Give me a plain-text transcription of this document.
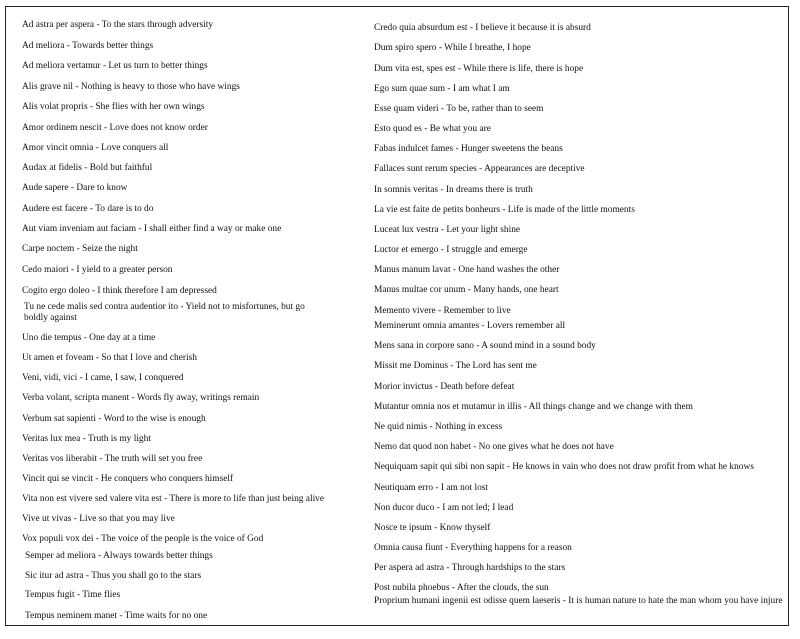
Ad astra per aspera - To the stars through adversity
Ad meliora - Towards better things
Ad meliora vertamur - Let us turn to better things
Alis grave nil - Nothing is heavy to those who have wings
Alis volat propris - She flies with her own wings
Amor ordinem nescit - Love does not know order
Amor vincit omnia - Love conquers all
Audax at fidelis - Bold but faithful
Aude sapere - Dare to know
Audere est facere - To dare is to do
Aut viam inveniam aut faciam - I shall either find a way or make one
Carpe noctem - Seize the night
Cedo maiori - I yield to a greater person
Cogito ergo doleo - I think therefore I am depressed
Tu ne cede malis sed contra audentior ito - Yield not to misfortunes, but go boldly against
Uno die tempus - One day at a time
Ut amen et foveam - So that I love and cherish
Veni, vidi, vici - I came, I saw, I conquered
Verba volant, scripta manent - Words fly away, writings remain
Verbum sat sapienti - Word to the wise is enough
Veritas lux mea - Truth is my light
Veritas vos liberabit - The truth will set you free
Vincit qui se vincit - He conquers who conquers himself
Vita non est vivere sed valere vita est - There is more to life than just being alive
Vive ut vivas - Live so that you may live
Vox populi vox dei - The voice of the people is the voice of God
Semper ad meliora - Always towards better things
Sic itur ad astra - Thus you shall go to the stars
Tempus fugit - Time flies
Tempus neminem manet - Time waits for no one
Credo quia absurdum est - I believe it because it is absurd
Dum spiro spero - While I breathe, I hope
Dum vita est, spes est - While there is life, there is hope
Ego sum quae sum - I am what I am
Esse quam videri - To be, rather than to seem
Esto quod es - Be what you are
Fabas indulcet fames - Hunger sweetens the beans
Fallaces sunt rerum species - Appearances are deceptive
In somnis veritas - In dreams there is truth
La vie est faite de petits bonheurs - Life is made of the little moments
Luceat lux vestra - Let your light shine
Luctor et emergo - I struggle and emerge
Manus manum lavat - One hand washes the other
Manus multae cor unum - Many hands, one heart
Memento vivere - Remember to live
Meminerunt omnia amantes - Lovers remember all
Mens sana in corpore sano - A sound mind in a sound body
Missit me Dominus - The Lord has sent me
Morior invictus - Death before defeat
Mutantur omnia nos et mutamur in illis - All things change and we change with them
Ne quid nimis - Nothing in excess
Nemo dat quod non habet - No one gives what he does not have
Nequiquam sapit qui sibi non sapit - He knows in vain who does not draw profit from what he knows
Neutiquam erro - I am not lost
Non ducor duco - I am not led; I lead
Nosce te ipsum - Know thyself
Omnia causa fiunt - Everything happens for a reason
Per aspera ad astra - Through hardships to the stars
Post nubila phoebus - After the clouds, the sun
Proprium humani ingenii est odisse quem laeseris - It is human nature to hate the man whom you have injure
